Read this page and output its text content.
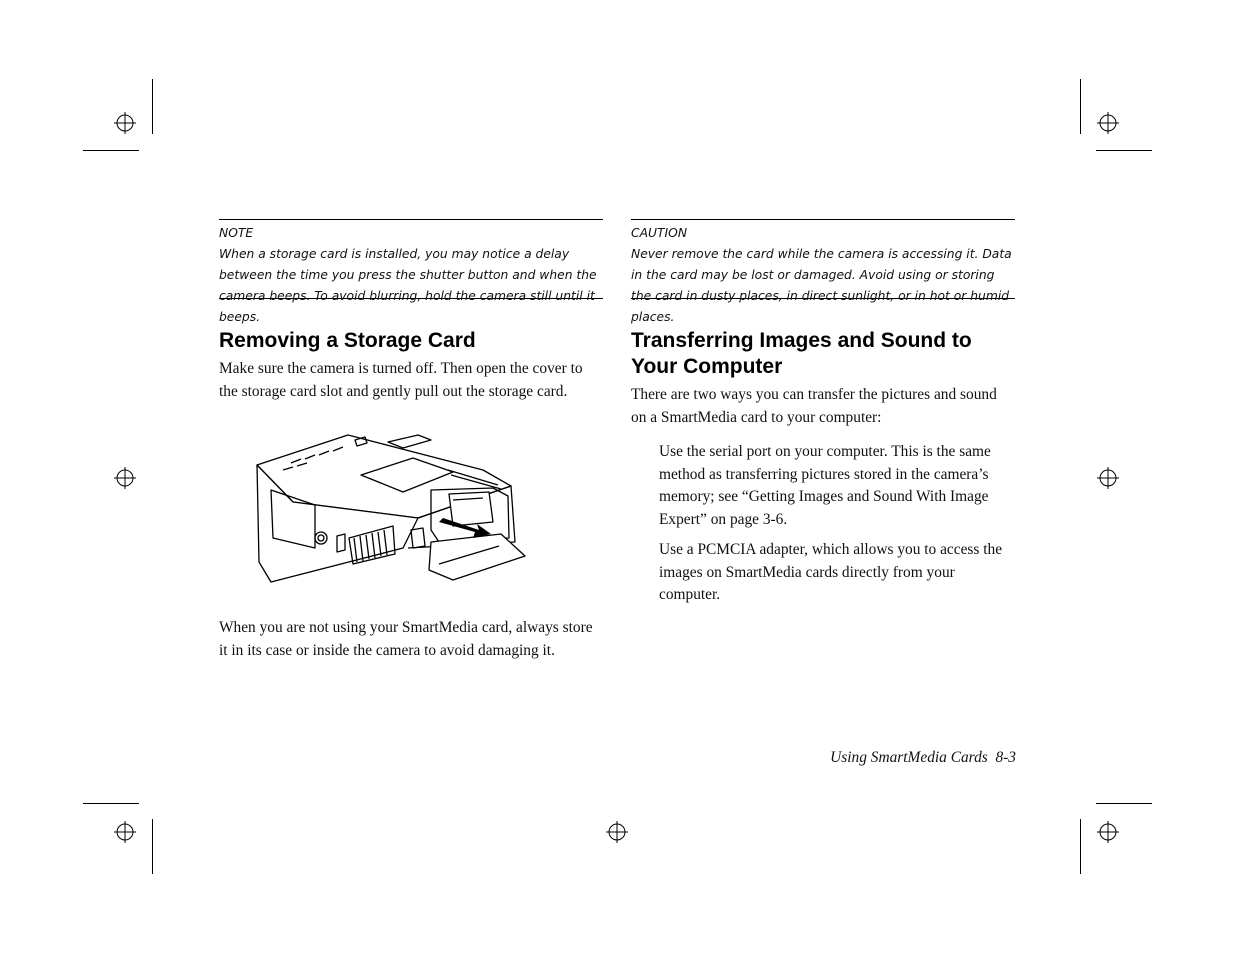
NOTE

When a storage card is installed, you may notice a delay between the time you press the shutter button and when the camera beeps. To avoid blurring, hold the camera still until it beeps.

Removing a Storage Card

Make sure the camera is turned off. Then open the cover to the storage card slot and gently pull out the storage card.

When you are not using your SmartMedia card, always store it in its case or inside the camera to avoid damaging it.

CAUTION

Never remove the card while the camera is accessing it. Data in the card may be lost or damaged. Avoid using or storing the card in dusty places, in direct sunlight, or in hot or humid places.

Transferring Images and Sound to Your Computer

There are two ways you can transfer the pictures and sound on a SmartMedia card to your computer:

Use the serial port on your computer. This is the same method as transferring pictures stored in the camera’s memory; see “Getting Images and Sound With Image Expert” on page 3-6.
Use a PCMCIA adapter, which allows you to access the images on SmartMedia cards directly from your computer.
Using SmartMedia Cards  8-3
